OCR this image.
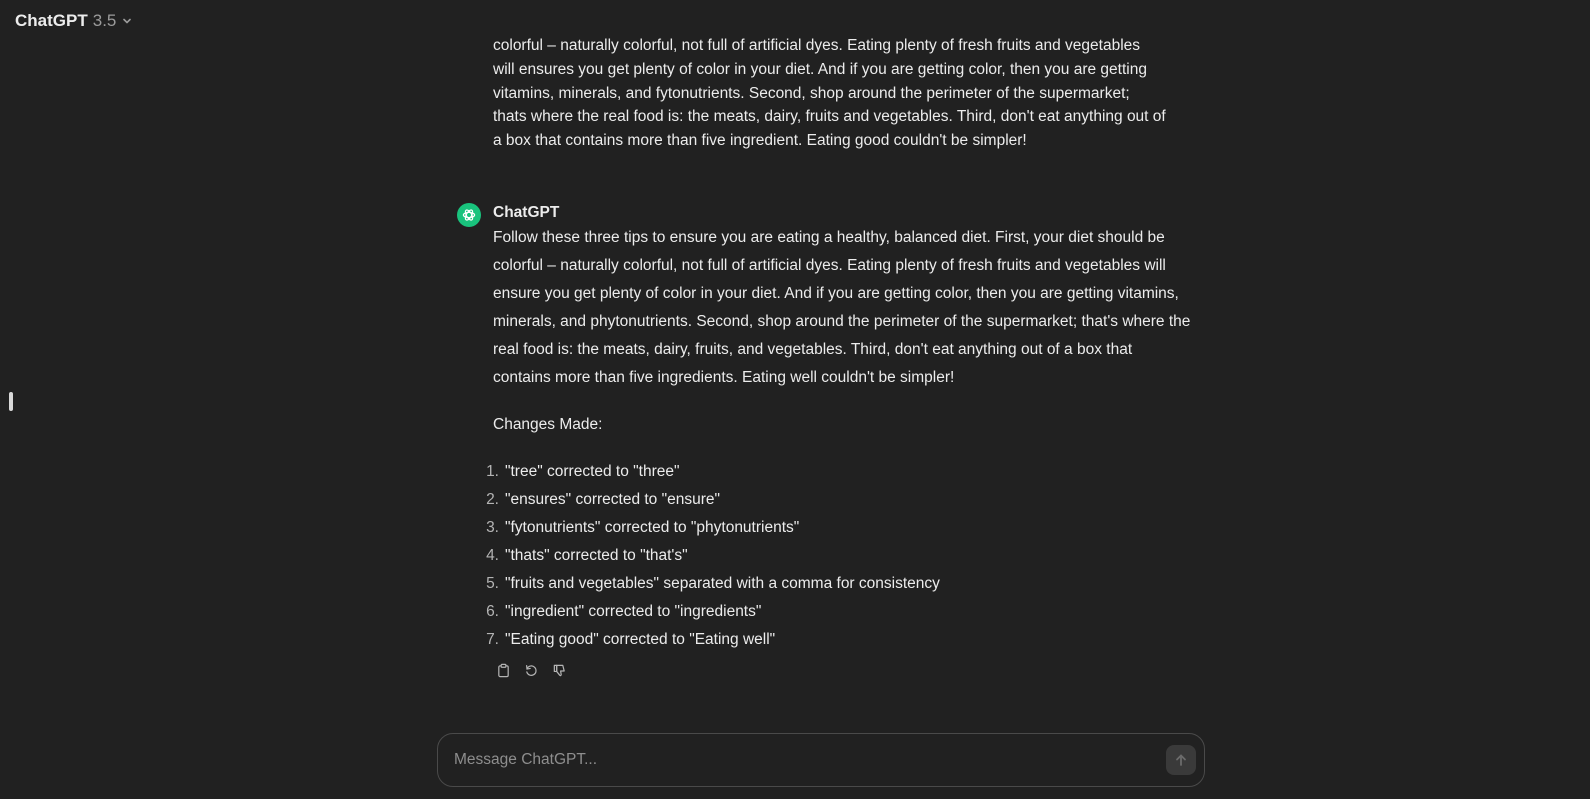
ChatGPT 3.5
colorful – naturally colorful, not full of artificial dyes. Eating plenty of fresh fruits and vegetables
will ensures you get plenty of color in your diet. And if you are getting color, then you are getting
vitamins, minerals, and fytonutrients. Second, shop around the perimeter of the supermarket;
thats where the real food is: the meats, dairy, fruits and vegetables. Third, don't eat anything out of
a box that contains more than five ingredient. Eating good couldn't be simpler!
ChatGPT
Follow these three tips to ensure you are eating a healthy, balanced diet. First, your diet should be colorful – naturally colorful, not full of artificial dyes. Eating plenty of fresh fruits and vegetables will ensure you get plenty of color in your diet. And if you are getting color, then you are getting vitamins, minerals, and phytonutrients. Second, shop around the perimeter of the supermarket; that's where the real food is: the meats, dairy, fruits, and vegetables. Third, don't eat anything out of a box that contains more than five ingredients. Eating well couldn't be simpler!
Changes Made:
1. "tree" corrected to "three"
2. "ensures" corrected to "ensure"
3. "fytonutrients" corrected to "phytonutrients"
4. "thats" corrected to "that's"
5. "fruits and vegetables" separated with a comma for consistency
6. "ingredient" corrected to "ingredients"
7. "Eating good" corrected to "Eating well"
Message ChatGPT...
